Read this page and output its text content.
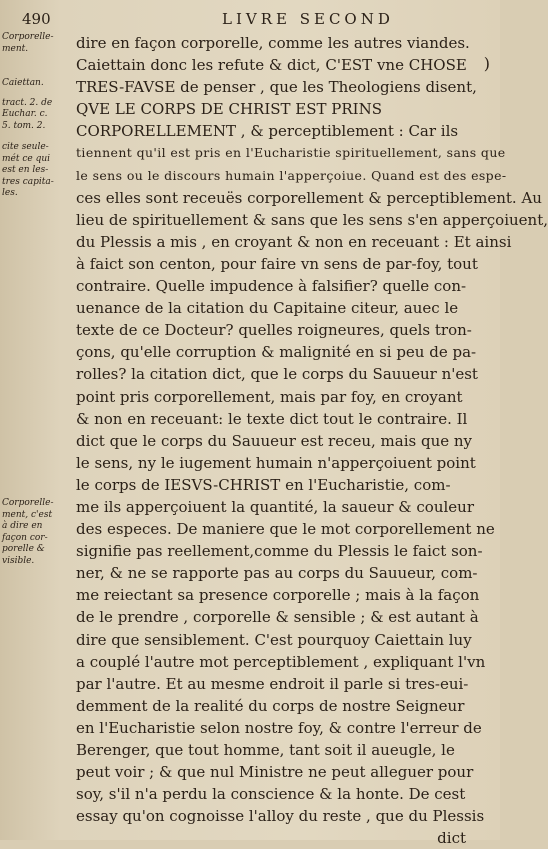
490	LIVRE SECOND
)
Corporelle-
ment.
Caiettan.
tract. 2. de
Euchar. c.
5. tom. 2.
cite seule-
mét ce qui
est en les-
tres capita-
les.
Corporelle-
ment, c'est
à dire en
façon cor-
porelle &
visible.
dire en façon corporelle, comme les autres viandes.
Caiettain donc les refute & dict, C'EST vne CHOSE
TRES-FAVSE de penser , que les Theologiens disent,
QVE LE CORPS DE CHRIST EST PRINS
CORPORELLEMENT , & perceptiblement : Car ils
tiennent qu'il est pris en l'Eucharistie spirituellement, sans que
le sens ou le discours humain l'apperçoiue. Quand est des espe-
ces elles sont receuës corporellement & perceptiblement. Au
lieu de spirituellement & sans que les sens s'en apperçoiuent,
du Plessis a mis , en croyant & non en receuant : Et ainsi
à faict son centon, pour faire vn sens de par-foy, tout
contraire. Quelle impudence à falsifier? quelle con-
uenance de la citation du Capitaine citeur, auec le
texte de ce Docteur? quelles roigneures, quels tron-
çons, qu'elle corruption & malignité en si peu de pa-
rolles? la citation dict, que le corps du Sauueur n'est
point pris corporellement, mais par foy, en croyant
& non en receuant: le texte dict tout le contraire. Il
dict que le corps du Sauueur est receu, mais que ny
le sens, ny le iugement humain n'apperçoiuent point
le corps de IESVS-CHRIST en l'Eucharistie, com-
me ils apperçoiuent la quantité, la saueur & couleur
des especes. De maniere que le mot corporellement ne
signifie pas reellement,comme du Plessis le faict son-
ner, & ne se rapporte pas au corps du Sauueur, com-
me reiectant sa presence corporelle ; mais à la façon
de le prendre , corporelle & sensible ; & est autant à
dire que sensiblement. C'est pourquoy Caiettain luy
a couplé l'autre mot perceptiblement , expliquant l'vn
par l'autre. Et au mesme endroit il parle si tres-eui-
demment de la realité du corps de nostre Seigneur
en l'Eucharistie selon nostre foy, & contre l'erreur de
Berenger, que tout homme, tant soit il aueugle, le
peut voir ; & que nul Ministre ne peut alleguer pour
soy, s'il n'a perdu la conscience & la honte. De cest
essay qu'on cognoisse l'alloy du reste , que du Plessis
dict
